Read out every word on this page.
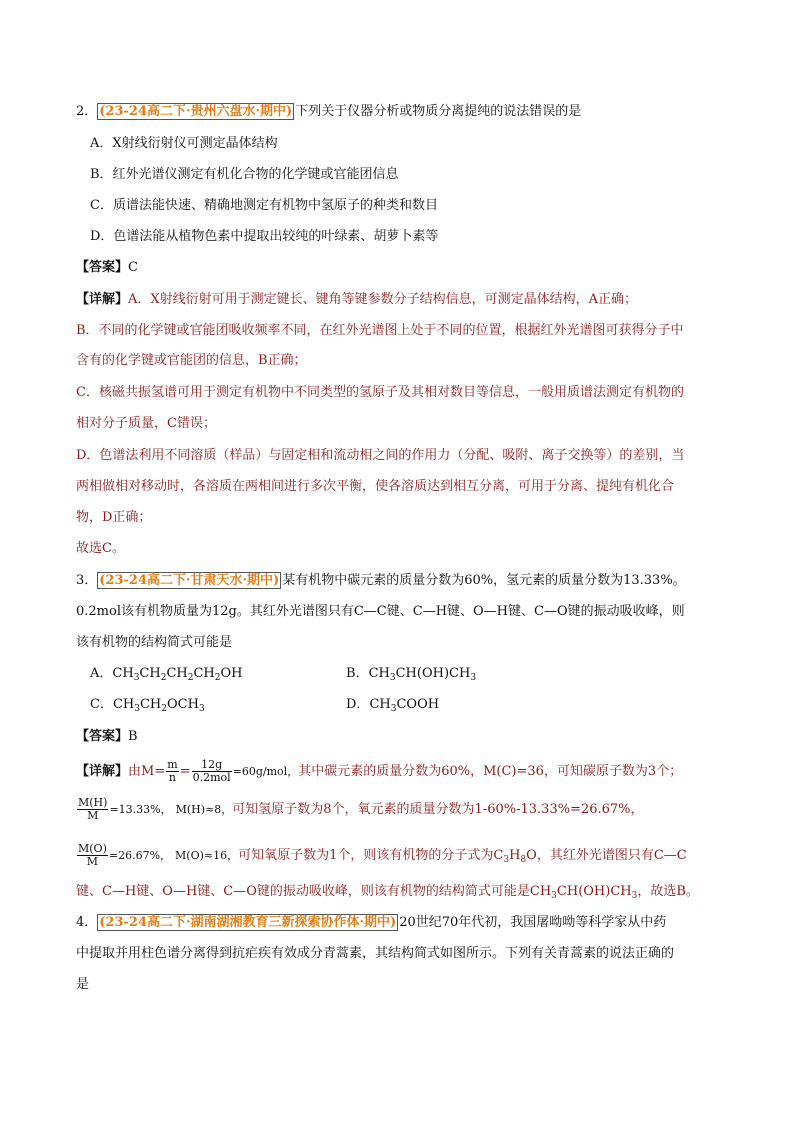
2． (23-24高二下·贵州六盘水·期中) 下列关于仪器分析或物质分离提纯的说法错误的是
A．X射线衍射仪可测定晶体结构
B．红外光谱仪测定有机化合物的化学键或官能团信息
C．质谱法能快速、精确地测定有机物中氢原子的种类和数目
D．色谱法能从植物色素中提取出较纯的叶绿素、胡萝卜素等
【答案】C
【详解】A．X射线衍射可用于测定键长、键角等键参数分子结构信息，可测定晶体结构，A正确；
B．不同的化学键或官能团吸收频率不同，在红外光谱图上处于不同的位置，根据红外光谱图可获得分子中
含有的化学键或官能团的信息，B正确；
C．核磁共振氢谱可用于测定有机物中不同类型的氢原子及其相对数目等信息，一般用质谱法测定有机物的
相对分子质量，C错误；
D．色谱法利用不同溶质（样品）与固定相和流动相之间的作用力（分配、吸附、离子交换等）的差别，当
两相做相对移动时，各溶质在两相间进行多次平衡，使各溶质达到相互分离，可用于分离、提纯有机化合
物，D正确；
故选C。
3． (23-24高二下·甘肃天水·期中) 某有机物中碳元素的质量分数为60%，氢元素的质量分数为13.33%。
0.2mol该有机物质量为12g。其红外光谱图只有C—C键、C—H键、O—H键、C—O键的振动吸收峰，则
该有机物的结构简式可能是
A．$CH_3CH_2CH_2CH_2OH$	B．$CH_3CH(OH)CH_3$
C．$CH_3CH_2OCH_3$	D．$CH_3COOH$
【答案】B
【详解】由$M= \frac{m}{n} = \frac{12g}{\text{0.2mol}} =60g/mol$，其中碳元素的质量分数为60%，M(C)=36，可知碳原子数为3个；
$\frac{M(H)}{M} =13.33\%$， M(H)≈8，可知氢原子数为8个，氧元素的质量分数为1-60%-13.33%=26.67%，
$\frac{M(O)}{M} =26.67\%$， M(O)≈16，可知氧原子数为1个，则该有机物的分子式为$C_3H_8O$，其红外光谱图只有C—C
键、C—H键、O—H键、C—O键的振动吸收峰，则该有机物的结构简式可能是$CH_3CH(OH)CH_3$，故选B。
4． (23-24高二下·湖南湖湘教育三新探索协作体·期中) 20世纪70年代初，我国屠呦呦等科学家从中药
中提取并用柱色谱分离得到抗疟疾有效成分青蒿素，其结构简式如图所示。下列有关青蒿素的说法正确的
是
